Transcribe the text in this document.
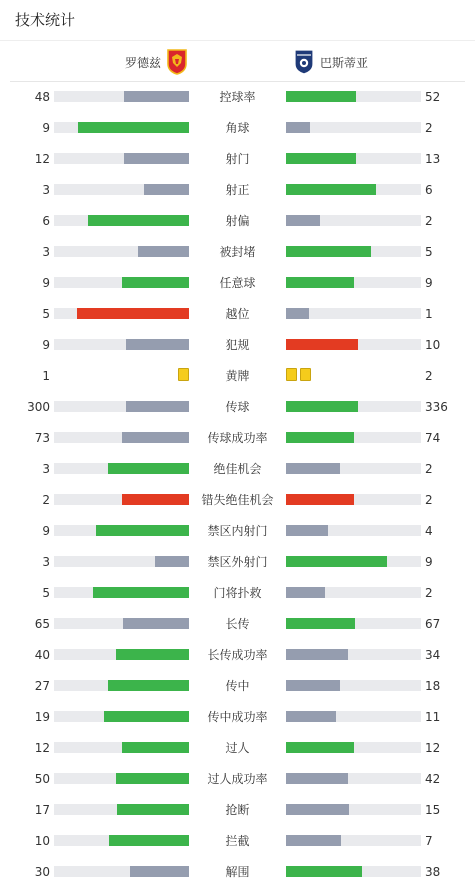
技术统计
罗德兹	巴斯蒂亚
48	控球率	52
9	角球	2
12	射门	13
3	射正	6
6	射偏	2
3	被封堵	5
9	任意球	9
5	越位	1
9	犯规	10
1	黄牌	2
300	传球	336
73	传球成功率	74
3	绝佳机会	2
2	错失绝佳机会	2
9	禁区内射门	4
3	禁区外射门	9
5	门将扑救	2
65	长传	67
40	长传成功率	34
27	传中	18
19	传中成功率	11
12	过人	12
50	过人成功率	42
17	抢断	15
10	拦截	7
30	解围	38
